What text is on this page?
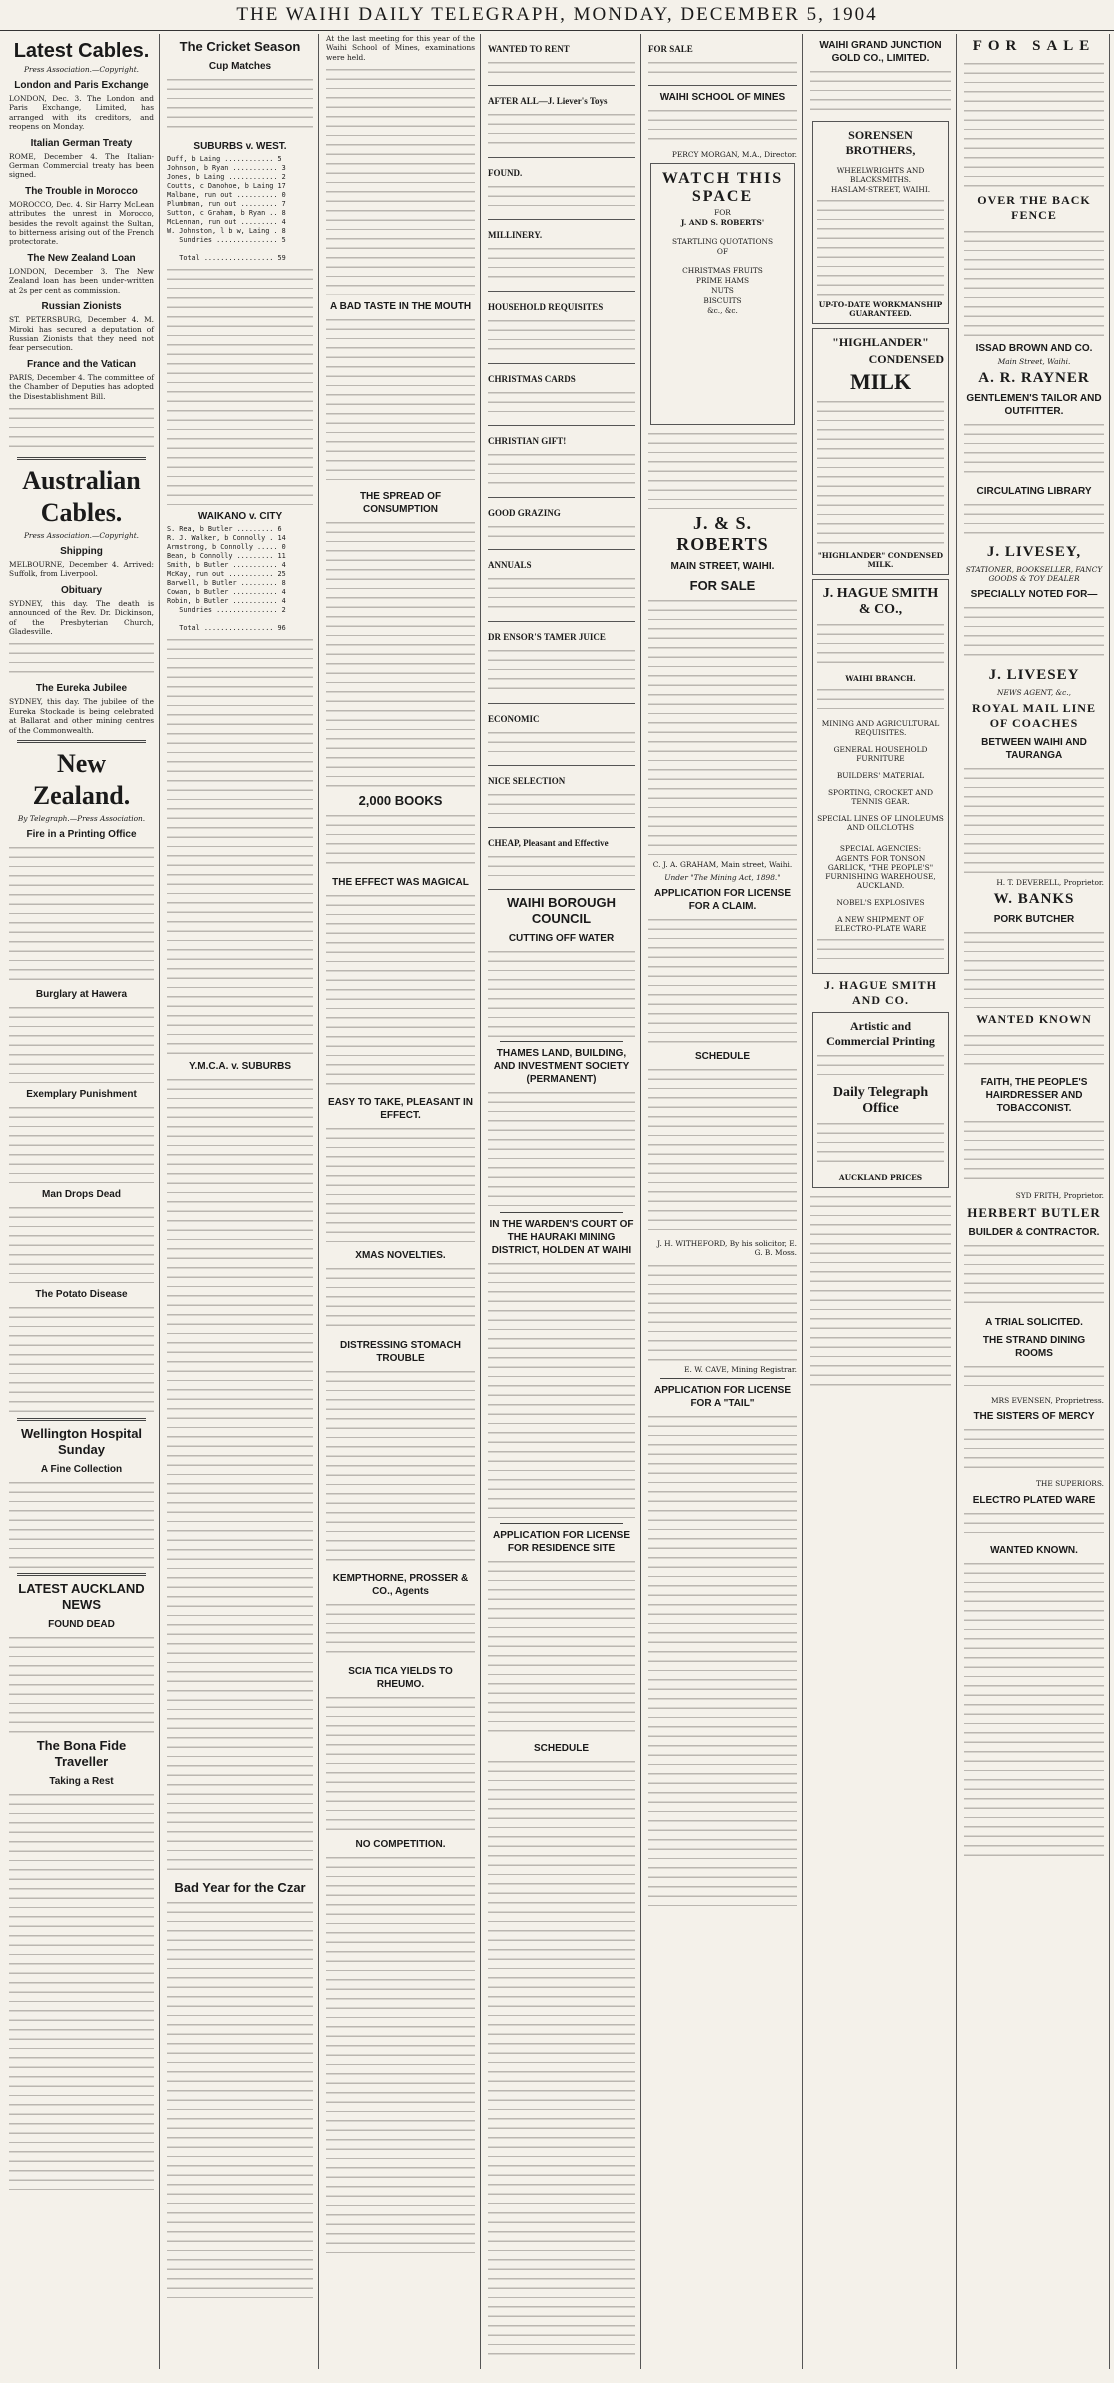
THE WAIHI DAILY TELEGRAPH, MONDAY, DECEMBER 5, 1904
Latest Cables.
Press Association.—Copyright.
London and Paris Exchange

LONDON, Dec. 3. The London and Paris Exchange, Limited, has arranged with its creditors, and reopens on Monday.

Italian German Treaty

ROME, December 4. The Italian-German Commercial treaty has been signed.

The Trouble in Morocco

MOROCCO, Dec. 4. Sir Harry McLean attributes the unrest in Morocco, besides the revolt against the Sultan, to bitterness arising out of the French protectorate.

The New Zealand Loan

LONDON, December 3. The New Zealand loan has been under-written at 2s per cent as commission.

Russian Zionists

ST. PETERSBURG, December 4. M. Miroki has secured a deputation of Russian Zionists that they need not fear persecution.

France and the Vatican

PARIS, December 4. The committee of the Chamber of Deputies has adopted the Disestablishment Bill.

Australian Cables.
Press Association.—Copyright.
Shipping

MELBOURNE, December 4. Arrived: Suffolk, from Liverpool.

Obituary

SYDNEY, this day. The death is announced of the Rev. Dr. Dickinson, of the Presbyterian Church, Gladesville.

The Eureka Jubilee

SYDNEY, this day. The jubilee of the Eureka Stockade is being celebrated at Ballarat and other mining centres of the Commonwealth.

New Zealand.
By Telegraph.—Press Association.
Fire in a Printing Office
Burglary at Hawera
Exemplary Punishment
Man Drops Dead
The Potato Disease
Wellington Hospital Sunday
A Fine Collection
LATEST AUCKLAND NEWS
FOUND DEAD
The Bona Fide Traveller
Taking a Rest
The Cricket Season
Cup Matches
SUBURBS v. WEST.
Duff, b Laing ............ 5
Johnson, b Ryan ........... 3
Jones, b Laing ............ 2
Coutts, c Danohoe, b Laing 17
Malbane, run out .......... 0
Plumbman, run out ......... 7
Sutton, c Graham, b Ryan .. 8
McLennan, run out ......... 4
W. Johnston, l b w, Laing . 8
Sundries ............... 5

Total ................. 59
WAIKANO v. CITY
S. Rea, b Butler ......... 6
R. J. Walker, b Connolly . 14
Armstrong, b Connolly ..... 0
Bean, b Connolly ......... 11
Smith, b Butler ........... 4
McKay, run out ........... 25
Barwell, b Butler ......... 8
Cowan, b Butler ........... 4
Robin, b Butler ........... 4
Sundries ............... 2

Total ................. 96
Y.M.C.A. v. SUBURBS
Bad Year for the Czar

At the last meeting for this year of the Waihi School of Mines, examinations were held.

A BAD TASTE IN THE MOUTH
THE SPREAD OF CONSUMPTION
2,000 BOOKS
THE EFFECT WAS MAGICAL
EASY TO TAKE, PLEASANT IN EFFECT.
XMAS NOVELTIES.
DISTRESSING STOMACH TROUBLE
KEMPTHORNE, PROSSER & CO., Agents
SCIA TICA YIELDS TO RHEUMO.
NO COMPETITION.
WANTED TO RENT
AFTER ALL—J. Liever's Toys
FOUND.
MILLINERY.
HOUSEHOLD REQUISITES
CHRISTMAS CARDS
CHRISTIAN GIFT!
GOOD GRAZING
ANNUALS
DR ENSOR'S TAMER JUICE
ECONOMIC
NICE SELECTION
CHEAP, Pleasant and Effective
WAIHI BOROUGH COUNCIL
CUTTING OFF WATER
THAMES LAND, BUILDING, AND INVESTMENT SOCIETY (PERMANENT)
IN THE WARDEN'S COURT OF THE HAURAKI MINING DISTRICT, HOLDEN AT WAIHI
APPLICATION FOR LICENSE FOR RESIDENCE SITE
SCHEDULE
FOR SALE
WAIHI SCHOOL OF MINES

PERCY MORGAN, M.A., Director.

WATCH THIS SPACE
FOR
J. AND S. ROBERTS'
STARTLING QUOTATIONS
OF
CHRISTMAS FRUITS
PRIME HAMS
NUTS
BISCUITS
&c., &c.
J. & S. ROBERTS
MAIN STREET, WAIHI.
FOR SALE

C. J. A. GRAHAM, Main street, Waihi.

Under "The Mining Act, 1898."
APPLICATION FOR LICENSE FOR A CLAIM.
SCHEDULE

J. H. WITHEFORD, By his solicitor, E. G. B. Moss.

E. W. CAVE, Mining Registrar.

APPLICATION FOR LICENSE FOR A "TAIL"
WAIHI GRAND JUNCTION GOLD CO., LIMITED.
SORENSEN BROTHERS,
WHEELWRIGHTS AND BLACKSMITHS.
HASLAM-STREET, WAIHI.
UP-TO-DATE WORKMANSHIP GUARANTEED.
"HIGHLANDER"
CONDENSED
MILK
"HIGHLANDER" CONDENSED MILK.
J. HAGUE SMITH & CO.,
WAIHI BRANCH.
MINING AND AGRICULTURAL REQUISITES.
GENERAL HOUSEHOLD FURNITURE
BUILDERS' MATERIAL
SPORTING, CROCKET AND TENNIS GEAR.
SPECIAL LINES OF LINOLEUMS AND OILCLOTHS
SPECIAL AGENCIES:
AGENTS FOR TONSON GARLICK, "THE PEOPLE'S" FURNISHING WAREHOUSE, AUCKLAND.
NOBEL'S EXPLOSIVES
A NEW SHIPMENT OF ELECTRO-PLATE WARE
J. HAGUE SMITH AND CO.
Artistic and Commercial Printing
Daily Telegraph Office
AUCKLAND PRICES
FOR SALE
OVER THE BACK FENCE
ISSAD BROWN AND CO.
Main Street, Waihi.
A. R. RAYNER
GENTLEMEN'S TAILOR AND OUTFITTER.
CIRCULATING LIBRARY
J. LIVESEY,
STATIONER, BOOKSELLER, FANCY GOODS & TOY DEALER
SPECIALLY NOTED FOR—
J. LIVESEY
NEWS AGENT, &c.,
ROYAL MAIL LINE OF COACHES
BETWEEN WAIHI AND TAURANGA

H. T. DEVERELL, Proprietor.

W. BANKS
PORK BUTCHER
WANTED KNOWN
FAITH, THE PEOPLE'S HAIRDRESSER AND TOBACCONIST.

SYD FRITH, Proprietor.

HERBERT BUTLER
BUILDER & CONTRACTOR.
A TRIAL SOLICITED.
THE STRAND DINING ROOMS

MRS EVENSEN, Proprietress.

THE SISTERS OF MERCY

THE SUPERIORS.

ELECTRO PLATED WARE
WANTED KNOWN.
